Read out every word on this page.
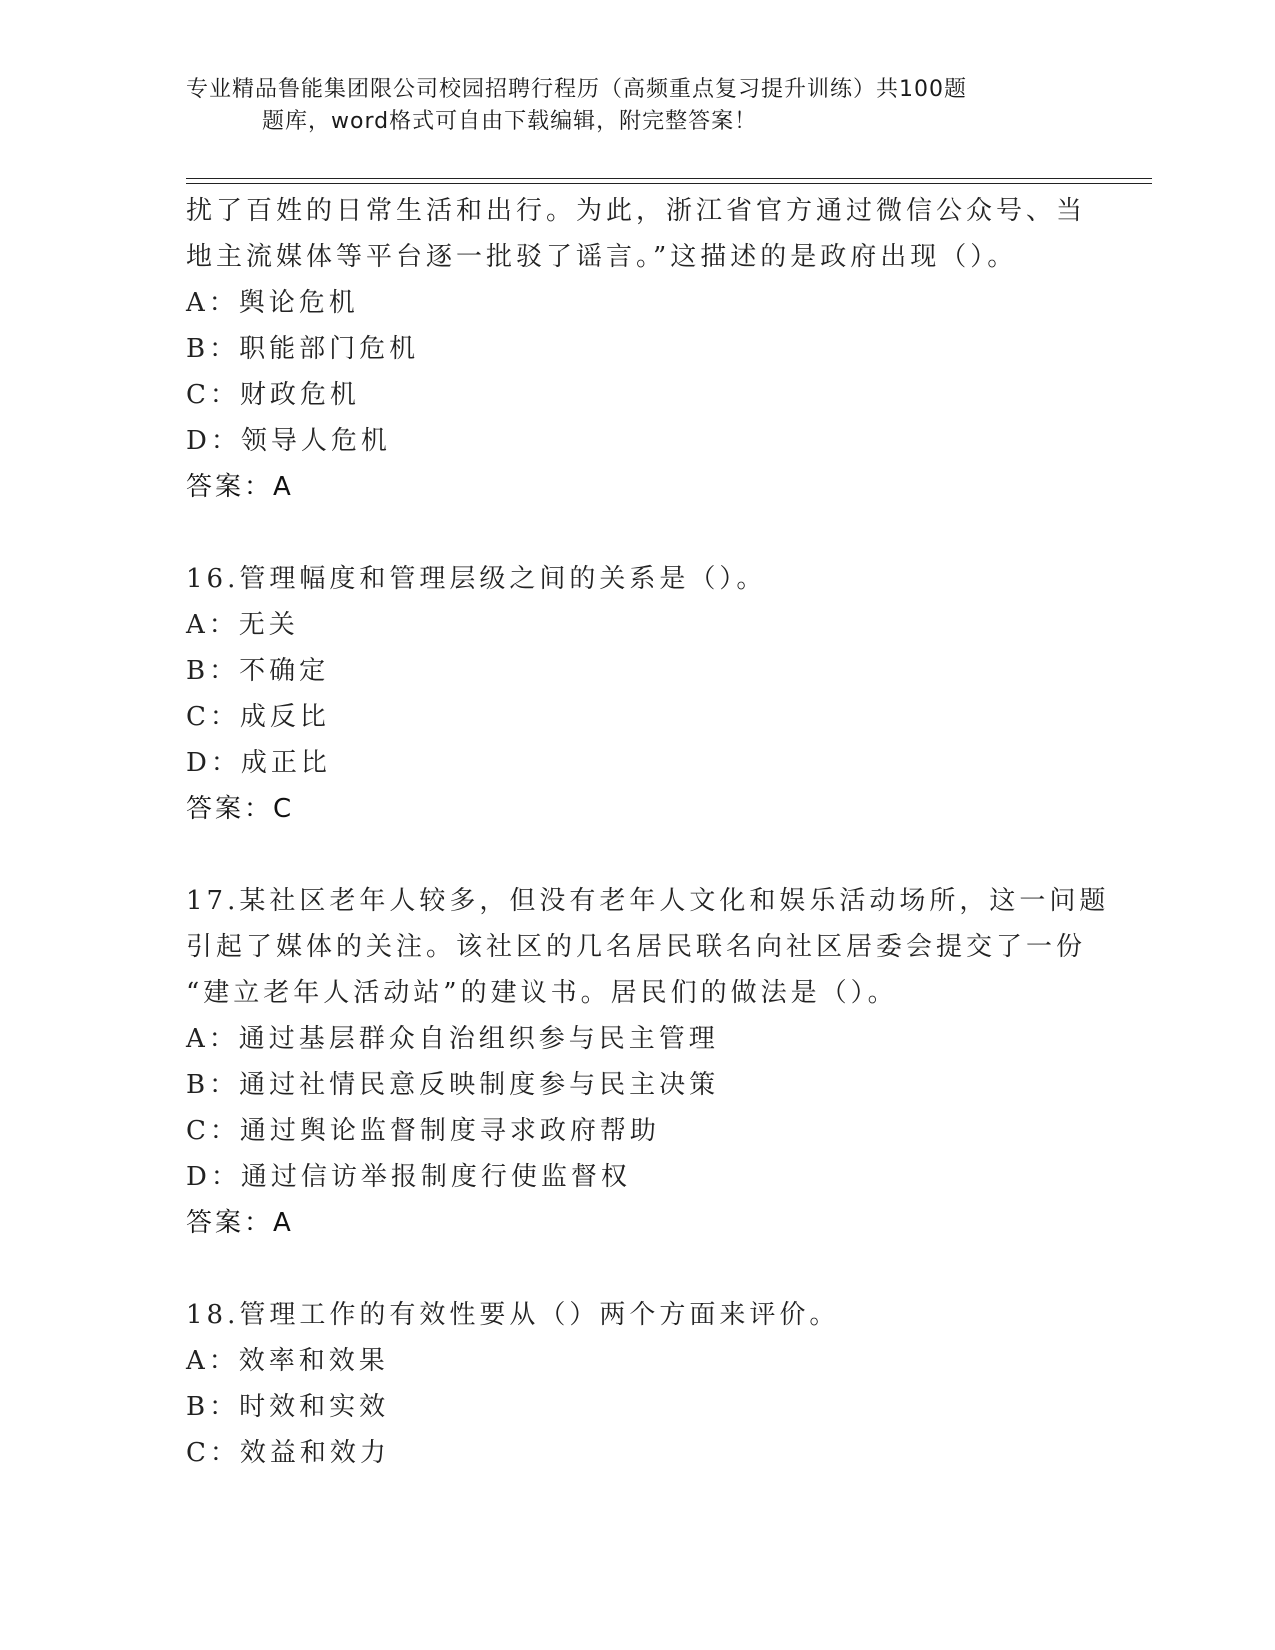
专业精品鲁能集团限公司校园招聘行程历（高频重点复习提升训练）共100题
题库，word格式可自由下载编辑，附完整答案！
扰了百姓的日常生活和出行。为此，浙江省官方通过微信公众号、当
地主流媒体等平台逐一批驳了谣言。”这描述的是政府出现（）。
A：舆论危机
B：职能部门危机
C：财政危机
D：领导人危机
答案：A
16.管理幅度和管理层级之间的关系是（）。
A：无关
B：不确定
C：成反比
D：成正比
答案：C
17.某社区老年人较多，但没有老年人文化和娱乐活动场所，这一问题
引起了媒体的关注。该社区的几名居民联名向社区居委会提交了一份
“建立老年人活动站”的建议书。居民们的做法是（）。
A：通过基层群众自治组织参与民主管理
B：通过社情民意反映制度参与民主决策
C：通过舆论监督制度寻求政府帮助
D：通过信访举报制度行使监督权
答案：A
18.管理工作的有效性要从（）两个方面来评价。
A：效率和效果
B：时效和实效
C：效益和效力
